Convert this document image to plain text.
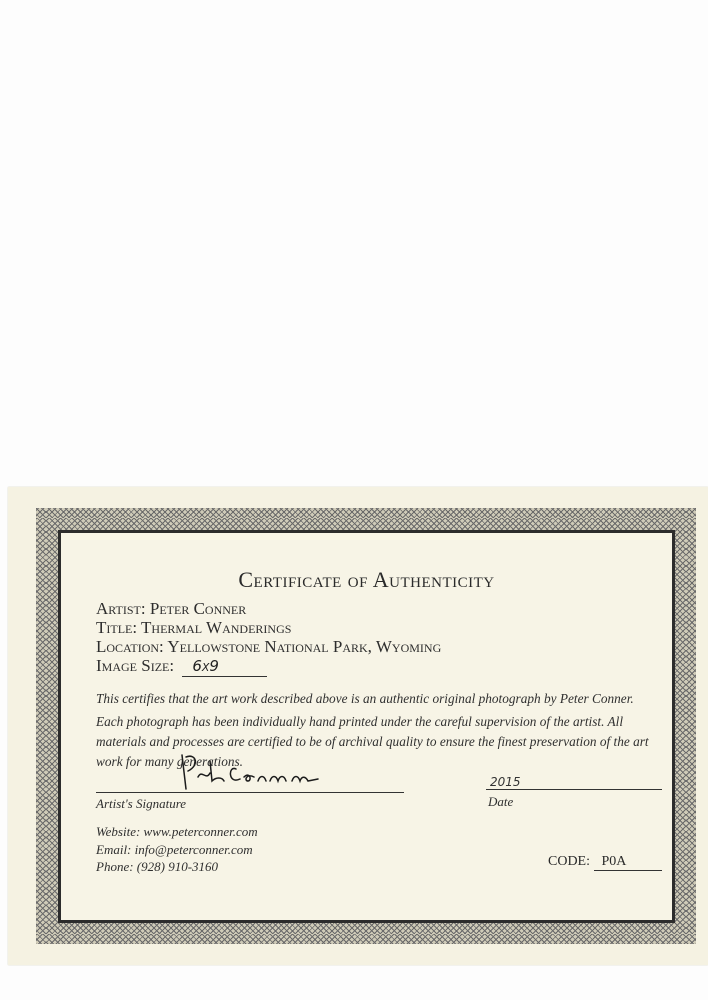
Certificate of Authenticity
Artist: Peter Conner
Title: Thermal Wanderings
Location: Yellowstone National Park, Wyoming
Image Size: 6x9
This certifies that the art work described above is an authentic original photograph by Peter Conner.
Each photograph has been individually hand printed under the careful supervision of the artist. All materials and processes are certified to be of archival quality to ensure the finest preservation of the art work for many generations.
Artist's Signature
2015
Date
Website: www.peterconner.com
Email: info@peterconner.com
Phone: (928) 910-3160	CODE: P0A
